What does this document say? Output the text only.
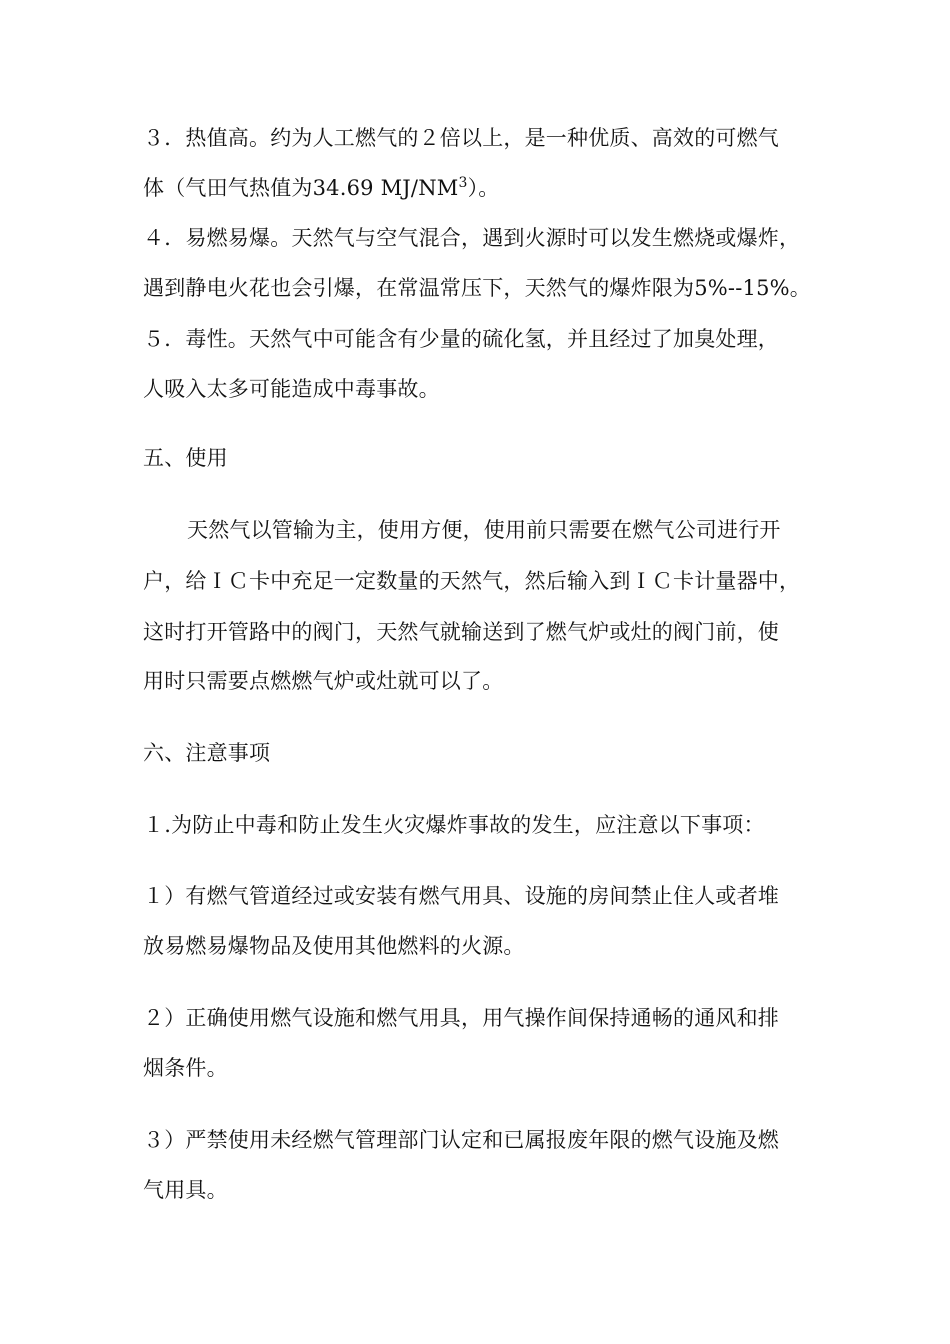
３．热值高。约为人工燃气的２倍以上，是一种优质、高效的可燃气
体（气田气热值为34.69 $MJ/NM^3$）。
４．易燃易爆。天然气与空气混合，遇到火源时可以发生燃烧或爆炸，
遇到静电火花也会引爆，在常温常压下，天然气的爆炸限为5%--15%。
５．毒性。天然气中可能含有少量的硫化氢，并且经过了加臭处理，
人吸入太多可能造成中毒事故。
五、使用
天然气以管输为主，使用方便，使用前只需要在燃气公司进行开
户，给ＩＣ卡中充足一定数量的天然气，然后输入到ＩＣ卡计量器中，
这时打开管路中的阀门，天然气就输送到了燃气炉或灶的阀门前，使
用时只需要点燃燃气炉或灶就可以了。
六、注意事项
１.为防止中毒和防止发生火灾爆炸事故的发生，应注意以下事项：
１）有燃气管道经过或安装有燃气用具、设施的房间禁止住人或者堆
放易燃易爆物品及使用其他燃料的火源。
２）正确使用燃气设施和燃气用具，用气操作间保持通畅的通风和排
烟条件。
３）严禁使用未经燃气管理部门认定和已属报废年限的燃气设施及燃
气用具。
